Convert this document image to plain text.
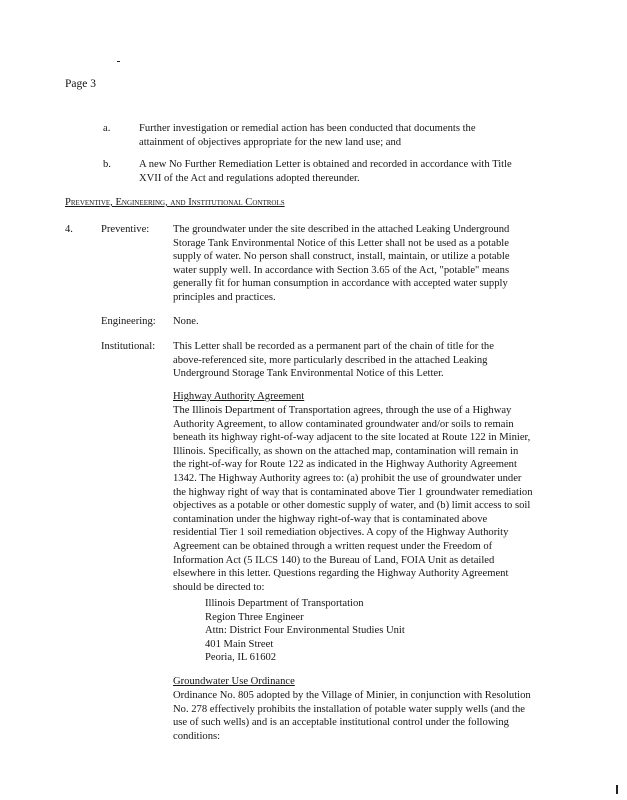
Page 3
a.	Further investigation or remedial action has been conducted that documents the attainment of objectives appropriate for the new land use; and
b.	A new No Further Remediation Letter is obtained and recorded in accordance with Title XVII of the Act and regulations adopted thereunder.
Preventive, Engineering, and Institutional Controls
4.	Preventive: The groundwater under the site described in the attached Leaking Underground Storage Tank Environmental Notice of this Letter shall not be used as a potable supply of water. No person shall construct, install, maintain, or utilize a potable water supply well. In accordance with Section 3.65 of the Act, "potable" means generally fit for human consumption in accordance with accepted water supply principles and practices.
Engineering: None.
Institutional: This Letter shall be recorded as a permanent part of the chain of title for the above-referenced site, more particularly described in the attached Leaking Underground Storage Tank Environmental Notice of this Letter.
Highway Authority Agreement
The Illinois Department of Transportation agrees, through the use of a Highway Authority Agreement, to allow contaminated groundwater and/or soils to remain beneath its highway right-of-way adjacent to the site located at Route 122 in Minier, Illinois. Specifically, as shown on the attached map, contamination will remain in the right-of-way for Route 122 as indicated in the Highway Authority Agreement 1342. The Highway Authority agrees to: (a) prohibit the use of groundwater under the highway right of way that is contaminated above Tier 1 groundwater remediation objectives as a potable or other domestic supply of water, and (b) limit access to soil contamination under the highway right-of-way that is contaminated above residential Tier 1 soil remediation objectives. A copy of the Highway Authority Agreement can be obtained through a written request under the Freedom of Information Act (5 ILCS 140) to the Bureau of Land, FOIA Unit as detailed elsewhere in this letter. Questions regarding the Highway Authority Agreement should be directed to:
Illinois Department of Transportation
Region Three Engineer
Attn: District Four Environmental Studies Unit
401 Main Street
Peoria, IL 61602
Groundwater Use Ordinance
Ordinance No. 805 adopted by the Village of Minier, in conjunction with Resolution No. 278 effectively prohibits the installation of potable water supply wells (and the use of such wells) and is an acceptable institutional control under the following conditions:
